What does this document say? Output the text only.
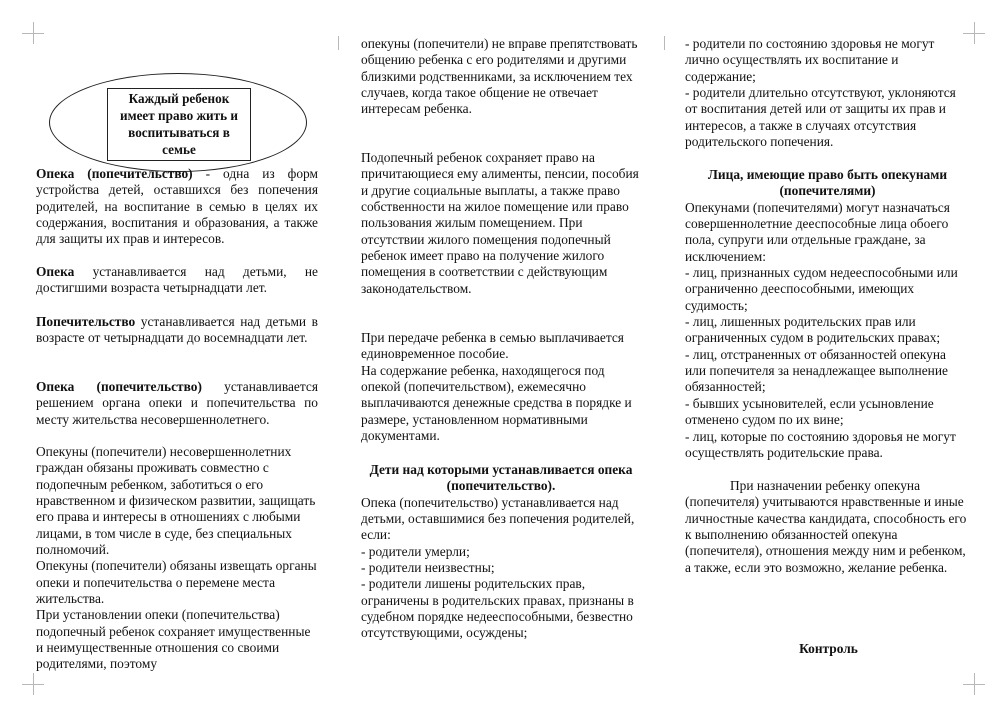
Каждый ребенок имеет право жить и воспитываться в семье

Опека (попечительство) - одна из форм устройства детей, оставшихся без попечения родителей, на воспитание в семью в целях их содержания, воспитания и образования, а также для защиты их прав и интересов.

Опека устанавливается над детьми, не достигшими возраста четырнадцати лет.

Попечительство устанавливается над детьми в возрасте от четырнадцати до восемнадцати лет.

Опека (попечительство) устанавливается решением органа опеки и попечительства по месту жительства несовершеннолетнего.

Опекуны (попечители) несовершеннолетних граждан обязаны проживать совместно с подопечным ребенком, заботиться о его нравственном и физическом развитии, защищать его права и интересы в отношениях с любыми лицами, в том числе в суде, без специальных полномочий.

Опекуны (попечители) обязаны извещать органы опеки и попечительства о перемене места жительства.

При установлении опеки (попечительства) подопечный ребенок сохраняет имущественные и неимущественные отношения со своими родителями, поэтому

опекуны (попечители) не вправе препятствовать общению ребенка с его родителями и другими близкими родственниками, за исключением тех случаев, когда такое общение не отвечает интересам ребенка.

Подопечный ребенок сохраняет право на причитающиеся ему алименты, пенсии, пособия и другие социальные выплаты, а также право собственности на жилое помещение или право пользования жилым помещением. При отсутствии жилого помещения подопечный ребенок имеет право на получение жилого помещения в соответствии с действующим законодательством.

При передаче ребенка в семью выплачивается единовременное пособие.

На содержание ребенка, находящегося под опекой (попечительством), ежемесячно выплачиваются денежные средства в порядке и размере, установленном нормативными документами.

Дети над которыми устанавливается опека (попечительство).

Опека (попечительство) устанавливается над детьми, оставшимися без попечения родителей, если:

- родители умерли;

- родители неизвестны;

- родители лишены родительских прав, ограничены в родительских правах, признаны в судебном порядке недееспособными, безвестно отсутствующими, осуждены;

- родители по состоянию здоровья не могут лично осуществлять их воспитание и содержание;

- родители длительно отсутствуют, уклоняются от воспитания детей или от защиты их прав и интересов, а также в случаях отсутствия родительского попечения.

Лица, имеющие право быть опекунами (попечителями)

Опекунами (попечителями) могут назначаться совершеннолетние дееспособные лица обоего пола, супруги или отдельные граждане, за исключением:

- лиц, признанных судом недееспособными или ограниченно дееспособными, имеющих судимость;

- лиц, лишенных родительских прав или ограниченных судом в родительских правах;

- лиц, отстраненных от обязанностей опекуна или попечителя за ненадлежащее выполнение обязанностей;

- бывших усыновителей, если усыновление отменено судом по их вине;

- лиц, которые по состоянию здоровья не могут осуществлять родительские права.

При назначении ребенку опекуна (попечителя) учитываются нравственные и иные личностные качества кандидата, способность его к выполнению обязанностей опекуна (попечителя), отношения между ним и ребенком, а также, если это возможно, желание ребенка.

Контроль
